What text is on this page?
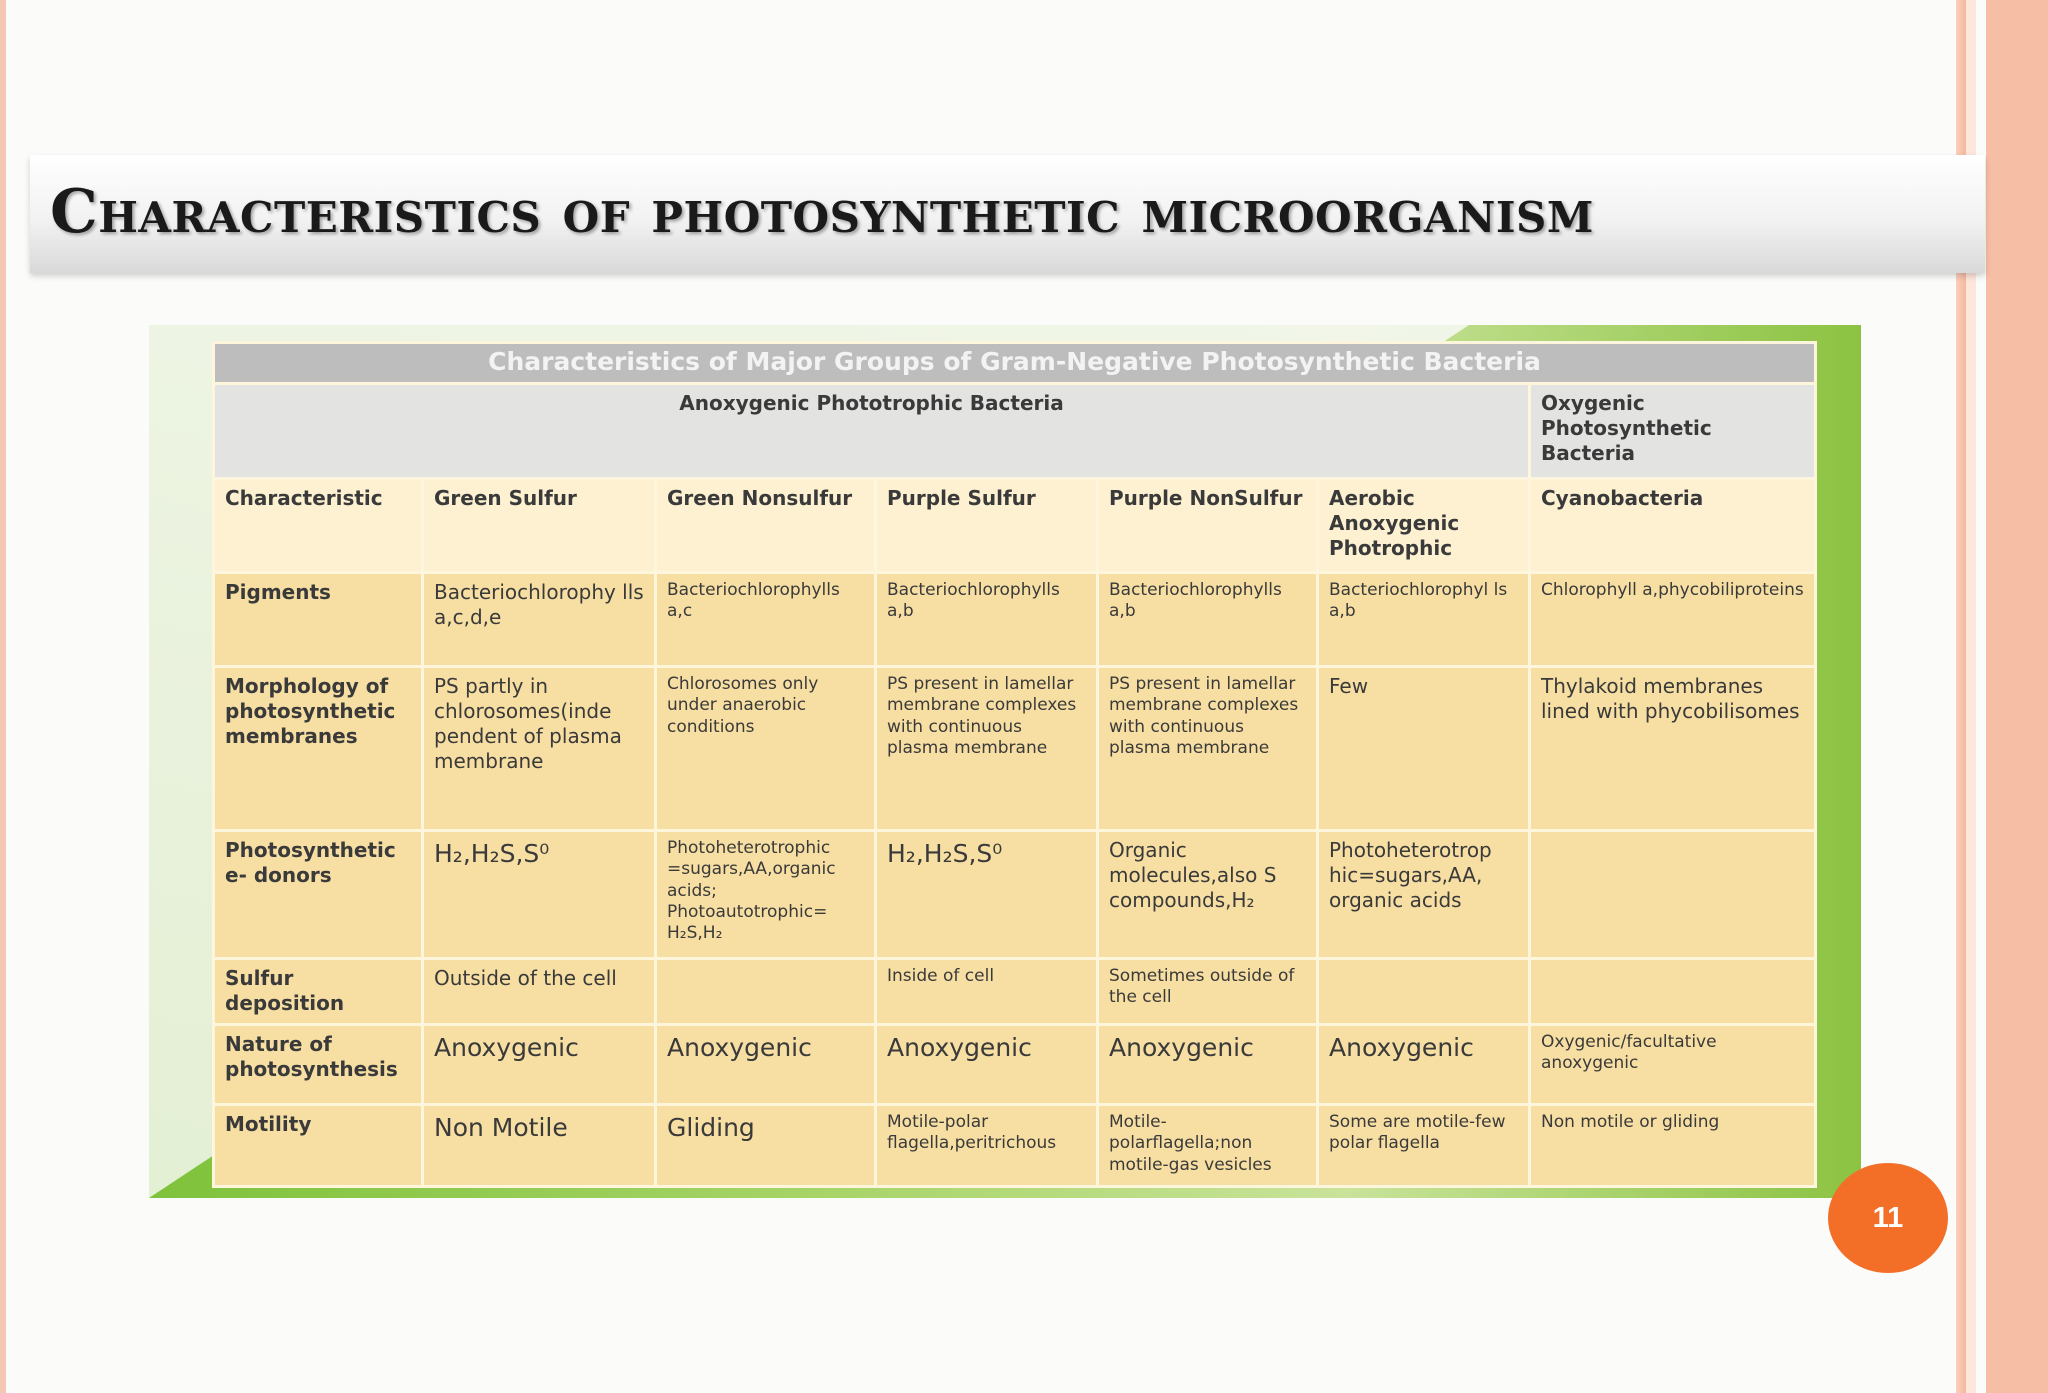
Characteristics of photosynthetic microorganism
Characteristics of Major Groups of Gram-Negative Photosynthetic Bacteria						
Anoxygenic Phototrophic Bacteria						Oxygenic Photosynthetic Bacteria
Characteristic	Green Sulfur	Green Nonsulfur	Purple Sulfur	Purple NonSulfur	Aerobic Anoxygenic Photrophic	Cyanobacteria
Pigments	Bacteriochlorophy lls a,c,d,e	Bacteriochlorophylls a,c	Bacteriochlorophylls a,b	Bacteriochlorophylls a,b	Bacteriochlorophyl ls a,b	Chlorophyll a,phycobiliproteins
Morphology of photosynthetic membranes	PS partly in chlorosomes(inde pendent of plasma membrane	Chlorosomes only under anaerobic conditions	PS present in lamellar membrane complexes with continuous plasma membrane	PS present in lamellar membrane complexes with continuous plasma membrane	Few	Thylakoid membranes lined with phycobilisomes
Photosynthetic e- donors	H₂,H₂S,S⁰	Photoheterotrophic =sugars,AA,organic acids; Photoautotrophic= H₂S,H₂	H₂,H₂S,S⁰	Organic molecules,also S compounds,H₂	Photoheterotrop hic=sugars,AA, organic acids	
Sulfur deposition	Outside of the cell		Inside of cell	Sometimes outside of the cell		
Nature of photosynthesis	Anoxygenic	Anoxygenic	Anoxygenic	Anoxygenic	Anoxygenic	Oxygenic/facultative anoxygenic
Motility	Non Motile	Gliding	Motile-polar flagella,peritrichous	Motile-polarflagella;non motile-gas vesicles	Some are motile-few polar flagella	Non motile or gliding
11
